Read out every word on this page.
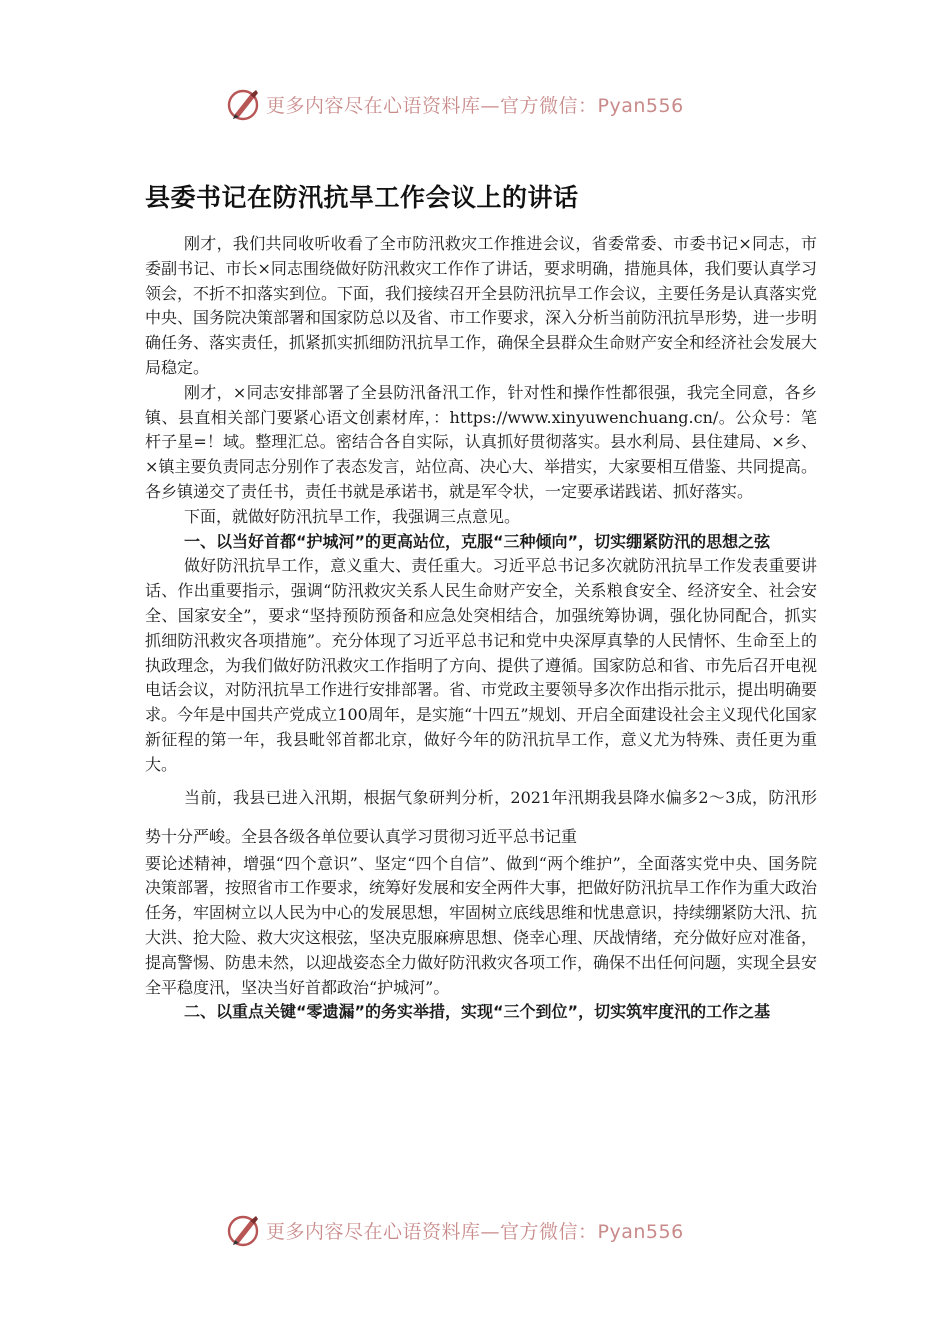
更多内容尽在心语资料库—官方微信：Pyan556
县委书记在防汛抗旱工作会议上的讲话

刚才，我们共同收听收看了全市防汛救灾工作推进会议，省委常委、市委书记×同志，市委副书记、市长×同志围绕做好防汛救灾工作作了讲话，要求明确，措施具体，我们要认真学习领会，不折不扣落实到位。下面，我们接续召开全县防汛抗旱工作会议，主要任务是认真落实党中央、国务院决策部署和国家防总以及省、市工作要求，深入分析当前防汛抗旱形势，进一步明确任务、落实责任，抓紧抓实抓细防汛抗旱工作，确保全县群众生命财产安全和经济社会发展大局稳定。

刚才，×同志安排部署了全县防汛备汛工作，针对性和操作性都很强，我完全同意，各乡镇、县直相关部门要紧心语文创素材库，：https://www.xinyuwenchuang.cn/。公众号：笔杆子星=！域。整理汇总。密结合各自实际，认真抓好贯彻落实。县水利局、县住建局、×乡、×镇主要负责同志分别作了表态发言，站位高、决心大、举措实，大家要相互借鉴、共同提高。各乡镇递交了责任书，责任书就是承诺书，就是军令状，一定要承诺践诺、抓好落实。

下面，就做好防汛抗旱工作，我强调三点意见。

一、以当好首都“护城河”的更高站位，克服“三种倾向”，切实绷紧防汛的思想之弦

做好防汛抗旱工作，意义重大、责任重大。习近平总书记多次就防汛抗旱工作发表重要讲话、作出重要指示，强调“防汛救灾关系人民生命财产安全，关系粮食安全、经济安全、社会安全、国家安全”，要求“坚持预防预备和应急处突相结合，加强统筹协调，强化协同配合，抓实抓细防汛救灾各项措施”。充分体现了习近平总书记和党中央深厚真挚的人民情怀、生命至上的执政理念，为我们做好防汛救灾工作指明了方向、提供了遵循。国家防总和省、市先后召开电视电话会议，对防汛抗旱工作进行安排部署。省、市党政主要领导多次作出指示批示，提出明确要求。今年是中国共产党成立100周年，是实施“十四五”规划、开启全面建设社会主义现代化国家新征程的第一年，我县毗邻首都北京，做好今年的防汛抗旱工作，意义尤为特殊、责任更为重大。

当前，我县已进入汛期，根据气象研判分析，2021年汛期我县降水偏多2〜3成，防汛形势十分严峻。全县各级各单位要认真学习贯彻习近平总书记重

要论述精神，增强“四个意识”、坚定“四个自信”、做到“两个维护”，全面落实党中央、国务院决策部署，按照省市工作要求，统筹好发展和安全两件大事，把做好防汛抗旱工作作为重大政治任务，牢固树立以人民为中心的发展思想，牢固树立底线思维和忧患意识，持续绷紧防大汛、抗大洪、抢大险、救大灾这根弦，坚决克服麻痹思想、侥幸心理、厌战情绪，充分做好应对准备，提高警惕、防患未然，以迎战姿态全力做好防汛救灾各项工作，确保不出任何问题，实现全县安全平稳度汛，坚决当好首都政治“护城河”。

二、以重点关键“零遗漏”的务实举措，实现“三个到位”，切实筑牢度汛的工作之基

更多内容尽在心语资料库—官方微信：Pyan556
